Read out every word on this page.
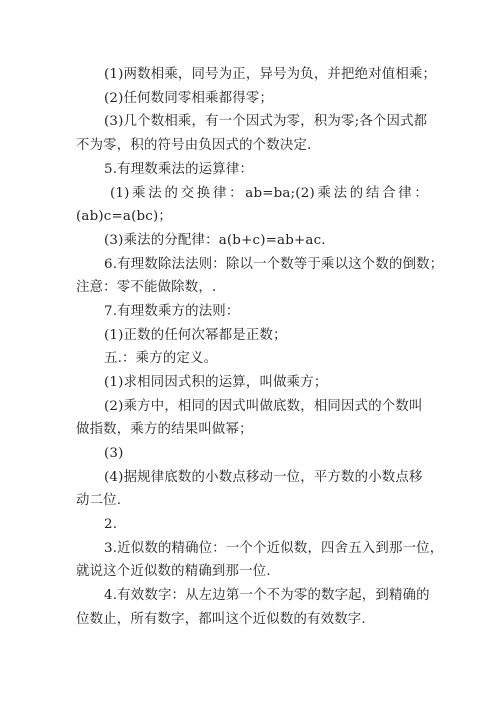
(1)两数相乘，同号为正，异号为负，并把绝对值相乘；
(2)任何数同零相乘都得零；
(3)几个数相乘，有一个因式为零，积为零;各个因式都
不为零，积的符号由负因式的个数决定.
5.有理数乘法的运算律：
(1)乘法的交换律：ab=ba;(2)乘法的结合律：
(ab)c=a(bc)；
(3)乘法的分配律：a(b+c)=ab+ac.
6.有理数除法法则：除以一个数等于乘以这个数的倒数；
注意：零不能做除数，.
7.有理数乘方的法则：
(1)正数的任何次幂都是正数；
五.：乘方的定义。
(1)求相同因式积的运算，叫做乘方；
(2)乘方中，相同的因式叫做底数，相同因式的个数叫
做指数，乘方的结果叫做幂；
(3)
(4)据规律底数的小数点移动一位，平方数的小数点移
动二位.
2.
3.近似数的精确位：一个个近似数，四舍五入到那一位，
就说这个近似数的精确到那一位.
4.有效数字：从左边第一个不为零的数字起，到精确的
位数止，所有数字，都叫这个近似数的有效数字.
